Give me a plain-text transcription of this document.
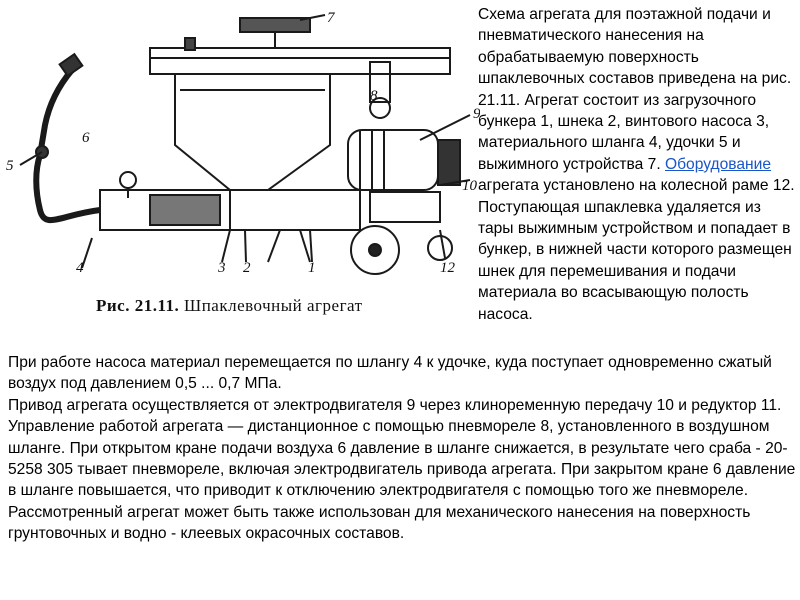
7
8
9
10
12
1
2
3
4
5
6
Рис. 21.11. Шпаклевочный агрегат
Схема агрегата для поэтажной подачи и пневматического нанесения на обрабатываемую поверхность шпаклевочных составов приведена на рис. 21.11. Агрегат состоит из загрузочного бункера 1, шнека 2, винтового насоса 3, материального шланга 4, удочки 5 и выжимного устройства 7. Оборудование агрегата установлено на колесной раме 12. Поступающая шпаклевка удаляется из тары выжимным устройством и попадает в бункер, в нижней части которого размещен шнек для перемешивания и подачи материала во всасывающую полость насоса.

При работе насоса материал перемещается по шлангу 4 к удочке, куда поступает одновременно сжатый воздух под давлением 0,5 ... 0,7 МПа.

Привод агрегата осуществляется от электродвигателя 9 через клиноременную передачу 10 и редуктор 11. Управление работой агрегата — дистанционное с помощью пневмореле 8, установленного в воздушном шланге. При открытом кране подачи воздуха 6 давление в шланге снижается, в результате чего сраба - 20-5258 305 тывает пневмореле, включая электродвигатель привода агрегата. При закрытом кране 6 давление в шланге повышается, что приводит к отключению электродвигателя с помощью того же пневмореле.

Рассмотренный агрегат может быть также использован для механического нанесения на поверхность грунтовочных и водно - клеевых окрасочных составов.
